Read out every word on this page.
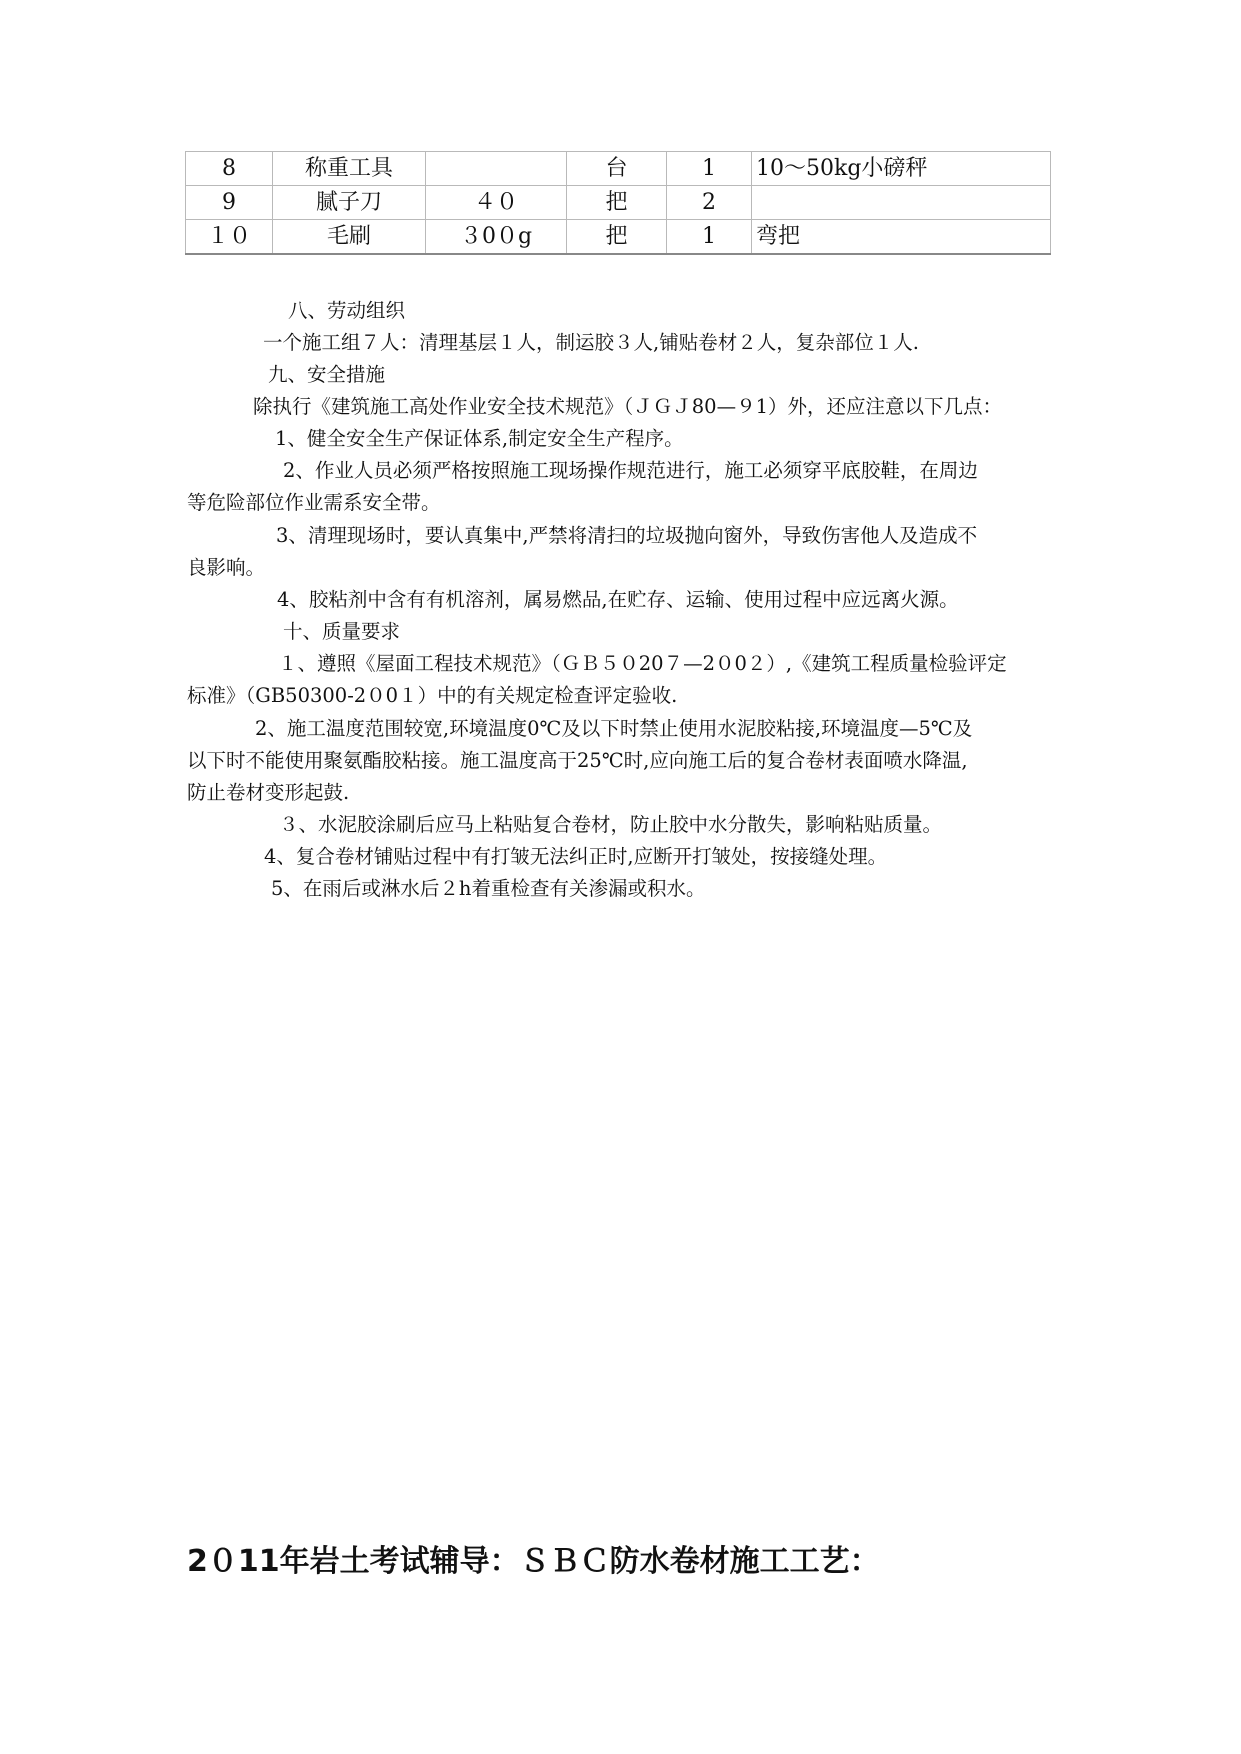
8	称重工具		台	1	10～50kg小磅秤
9	腻子刀	４０	把	2	
１０	毛刷	３0０g	把	1	弯把
八、劳动组织
一个施工组７人：清理基层１人，制运胶３人,铺贴卷材２人，复杂部位１人.
九、安全措施
除执行《建筑施工高处作业安全技术规范》（ＪＧＪ80—９1）外，还应注意以下几点：
1、健全安全生产保证体系,制定安全生产程序。
2、作业人员必须严格按照施工现场操作规范进行，施工必须穿平底胶鞋，在周边
等危险部位作业需系安全带。
3、清理现场时，要认真集中,严禁将清扫的垃圾抛向窗外，导致伤害他人及造成不
良影响。
4、胶粘剂中含有有机溶剂，属易燃品,在贮存、运输、使用过程中应远离火源。
十、质量要求
１、遵照《屋面工程技术规范》（ＧＢ５０20７—2０0２）,《建筑工程质量检验评定
标准》（GB50300-2０0１）中的有关规定检查评定验收.
2、施工温度范围较宽,环境温度0℃及以下时禁止使用水泥胶粘接,环境温度—5℃及
以下时不能使用聚氨酯胶粘接。施工温度高于25℃时,应向施工后的复合卷材表面喷水降温,
防止卷材变形起鼓.
３、水泥胶涂刷后应马上粘贴复合卷材，防止胶中水分散失，影响粘贴质量。
4、复合卷材铺贴过程中有打皱无法纠正时,应断开打皱处，按接缝处理。
5、在雨后或淋水后２h着重检查有关渗漏或积水。
2０11年岩土考试辅导：ＳＢＣ防水卷材施工工艺：
